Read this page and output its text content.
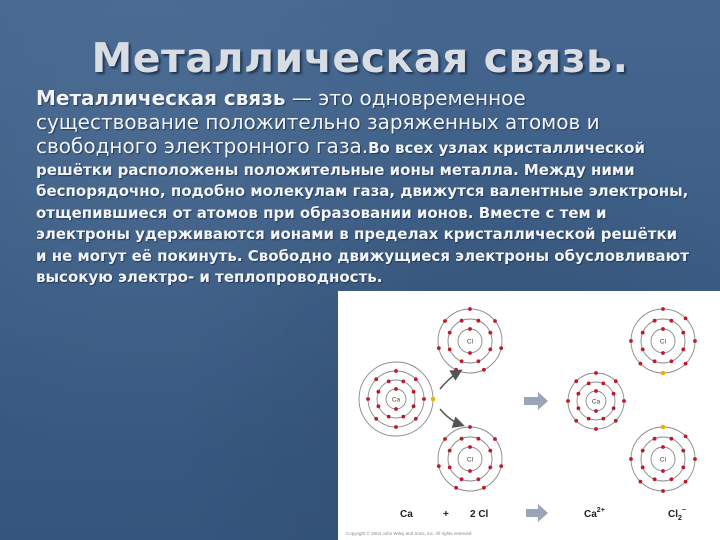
Металлическая связь.
Металлическая связь — это одновременное существование положительно заряженных атомов и свободного электронного газа.Во всех узлах кристаллической решётки расположены положительные ионы металла. Между ними беспорядочно, подобно молекулам газа, движутся валентные электроны, отщепившиеся от атомов при образовании ионов. Вместе с тем и электроны удерживаются ионами в пределах кристаллической решётки и не могут её покинуть. Свободно движущиеся электроны обусловливают высокую электро- и теплопроводность.
Cl
Ca
Cl
Ca
Cl
Cl
Ca	+ 2 Cl	$Ca^{2+}$	$Cl_2^-$
Copyright © 2004 John Wiley and Sons, Inc. All rights reserved.
